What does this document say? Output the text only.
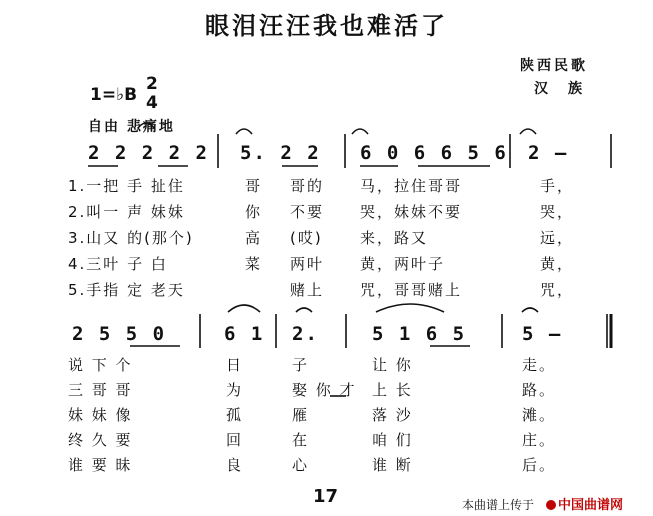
眼泪汪汪我也难活了
陕西民歌
汉　族
1=♭B
2
4
自由 悲痛地
2 2 2 2 2 5. 2 2 6 0 6 6 5 6 2 –
1.一把 手 扯住	哥 哥的 马，拉住哥哥	手，
2.叫一 声 妹妹	你 不要 哭，妹妹不要	哭，
3.山又 的(那个)	高 (哎) 来，路又	远，
4.三叶 子 白	菜 两叶 黄，两叶子	黄，
5.手指 定 老天	赌上 咒，哥哥赌上	咒，
2 5 5 0	6 1 2.	5 1 6 5	5 –
说 下 个	日	子	让 你	走。
三 哥 哥	为	娶 你 才 上 长	路。
妹 妹 像	孤	雁	落 沙	滩。
终 久 要	回	在	咱 们	庄。
谁 要 昧	良	心	谁 断	后。
17	本曲谱上传于	中国曲谱网
